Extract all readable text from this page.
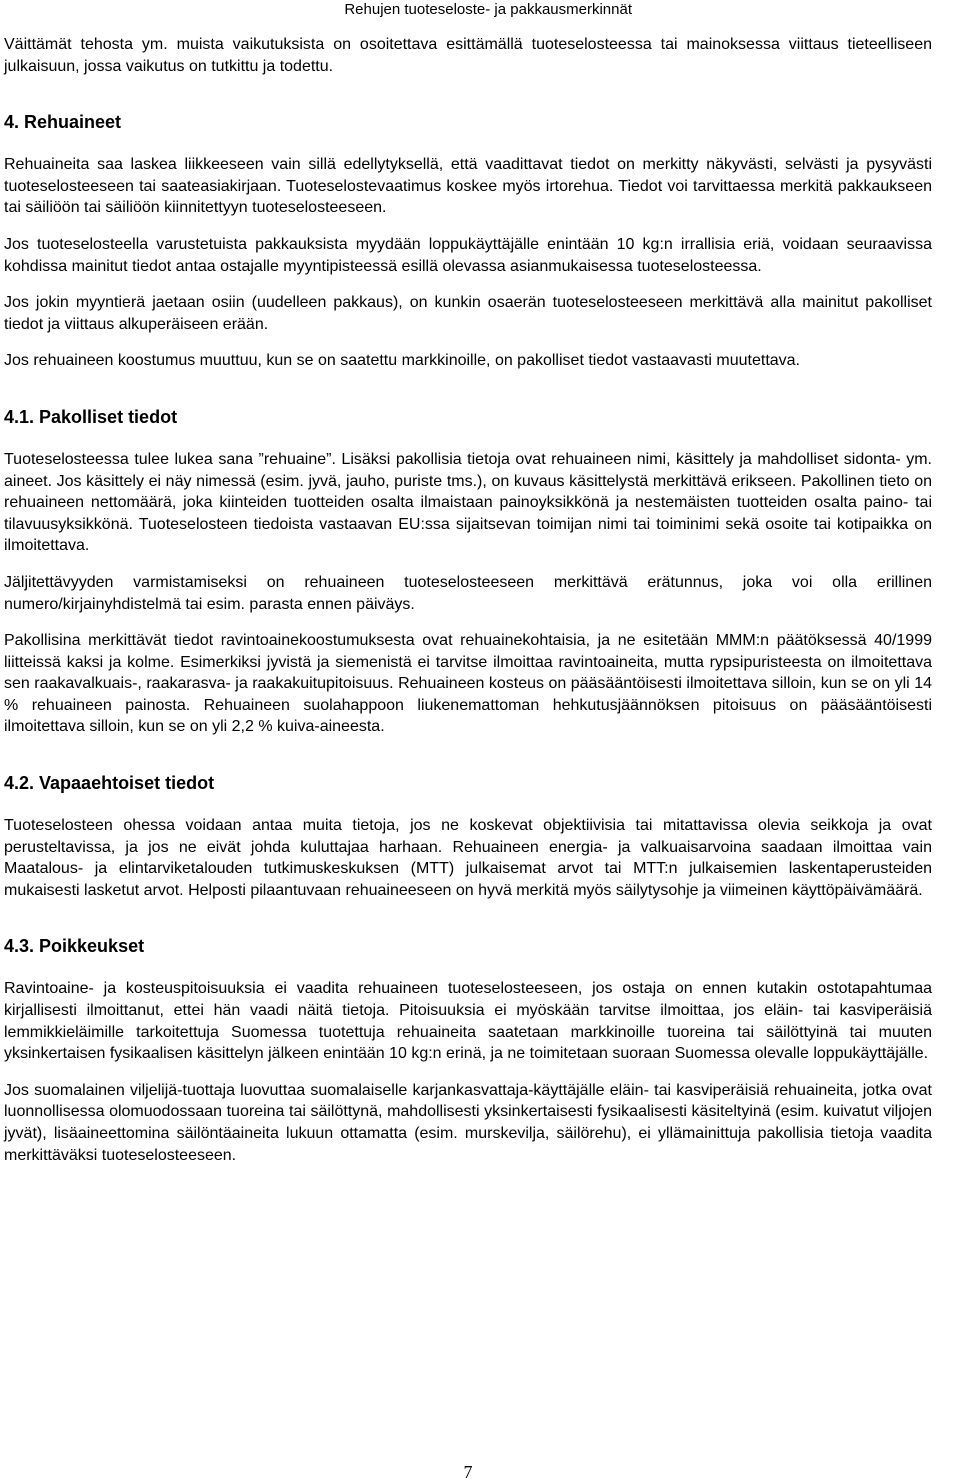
Rehujen tuoteseloste- ja pakkausmerkinnät

Väittämät tehosta ym. muista vaikutuksista on osoitettava esittämällä tuoteselosteessa tai mainoksessa viittaus tieteelliseen julkaisuun, jossa vaikutus on tutkittu ja todettu.

4. Rehuaineet

Rehuaineita saa laskea liikkeeseen vain sillä edellytyksellä, että vaadittavat tiedot on merkitty näkyvästi, selvästi ja pysyvästi tuoteselosteeseen tai saateasiakirjaan. Tuoteselostevaatimus koskee myös irtorehua. Tiedot voi tarvittaessa merkitä pakkaukseen tai säiliöön tai säiliöön kiinnitettyyn tuoteselosteeseen.

Jos tuoteselosteella varustetuista pakkauksista myydään loppukäyttäjälle enintään 10 kg:n irrallisia eriä, voidaan seuraavissa kohdissa mainitut tiedot antaa ostajalle myyntipisteessä esillä olevassa asianmukaisessa tuoteselosteessa.

Jos jokin myyntierä jaetaan osiin (uudelleen pakkaus), on kunkin osaerän tuoteselosteeseen merkittävä alla mainitut pakolliset tiedot ja viittaus alkuperäiseen erään.

Jos rehuaineen koostumus muuttuu, kun se on saatettu markkinoille, on pakolliset tiedot vastaavasti muutettava.

4.1. Pakolliset tiedot

Tuoteselosteessa tulee lukea sana ”rehuaine”. Lisäksi pakollisia tietoja ovat rehuaineen nimi, käsittely ja mahdolliset sidonta- ym. aineet. Jos käsittely ei näy nimessä (esim. jyvä, jauho, puriste tms.), on kuvaus käsittelystä merkittävä erikseen. Pakollinen tieto on rehuaineen nettomäärä, joka kiinteiden tuotteiden osalta ilmaistaan painoyksikkönä ja nestemäisten tuotteiden osalta paino- tai tilavuusyksikkönä. Tuoteselosteen tiedoista vastaavan EU:ssa sijaitsevan toimijan nimi tai toiminimi sekä osoite tai kotipaikka on ilmoitettava.

Jäljitettävyyden varmistamiseksi on rehuaineen tuoteselosteeseen merkittävä erätunnus, joka voi olla erillinen numero/kirjainyhdistelmä tai esim. parasta ennen päiväys.

Pakollisina merkittävät tiedot ravintoainekoostumuksesta ovat rehuainekohtaisia, ja ne esitetään MMM:n päätöksessä 40/1999 liitteissä kaksi ja kolme. Esimerkiksi jyvistä ja siemenistä ei tarvitse ilmoittaa ravintoaineita, mutta rypsipuristeesta on ilmoitettava sen raakavalkuais-, raakarasva- ja raakakuitupitoisuus. Rehuaineen kosteus on pääsääntöisesti ilmoitettava silloin, kun se on yli 14 % rehuaineen painosta. Rehuaineen suolahappoon liukenemattoman hehkutusjäännöksen pitoisuus on pääsääntöisesti ilmoitettava silloin, kun se on yli 2,2 % kuiva-aineesta.

4.2. Vapaaehtoiset tiedot

Tuoteselosteen ohessa voidaan antaa muita tietoja, jos ne koskevat objektiivisia tai mitattavissa olevia seikkoja ja ovat perusteltavissa, ja jos ne eivät johda kuluttajaa harhaan. Rehuaineen energia- ja valkuaisarvoina saadaan ilmoittaa vain Maatalous- ja elintarviketalouden tutkimuskeskuksen (MTT) julkaisemat arvot tai MTT:n julkaisemien laskentaperusteiden mukaisesti lasketut arvot. Helposti pilaantuvaan rehuaineeseen on hyvä merkitä myös säilytysohje ja viimeinen käyttöpäivämäärä.

4.3. Poikkeukset

Ravintoaine- ja kosteuspitoisuuksia ei vaadita rehuaineen tuoteselosteeseen, jos ostaja on ennen kutakin ostotapahtumaa kirjallisesti ilmoittanut, ettei hän vaadi näitä tietoja. Pitoisuuksia ei myöskään tarvitse ilmoittaa, jos eläin- tai kasviperäisiä lemmikkieläimille tarkoitettuja Suomessa tuotettuja rehuaineita saatetaan markkinoille tuoreina tai säilöttyinä tai muuten yksinkertaisen fysikaalisen käsittelyn jälkeen enintään 10 kg:n erinä, ja ne toimitetaan suoraan Suomessa olevalle loppukäyttäjälle.

Jos suomalainen viljelijä-tuottaja luovuttaa suomalaiselle karjankasvattaja-käyttäjälle eläin- tai kasviperäisiä rehuaineita, jotka ovat luonnollisessa olomuodossaan tuoreina tai säilöttynä, mahdollisesti yksinkertaisesti fysikaalisesti käsiteltyinä (esim. kuivatut viljojen jyvät), lisäaineettomina säilöntäaineita lukuun ottamatta (esim. murskevilja, säilörehu), ei yllämainittuja pakollisia tietoja vaadita merkittäväksi tuoteselosteeseen.

7
